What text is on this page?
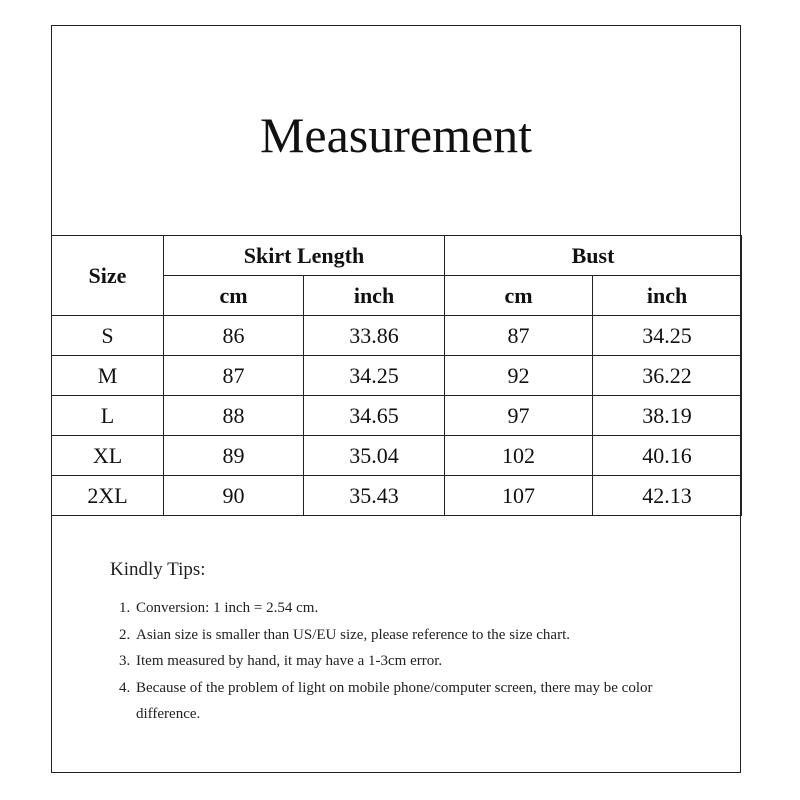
Measurement
Size	Skirt Length		Bust	
	cm	inch	cm	inch
S	86	33.86	87	34.25
M	87	34.25	92	36.22
L	88	34.65	97	38.19
XL	89	35.04	102	40.16
2XL	90	35.43	107	42.13
Kindly Tips:
1. Conversion: 1 inch = 2.54 cm.
2. Asian size is smaller than US/EU size, please reference to the size chart.
3. Item measured by hand, it may have a 1-3cm error.
4. Because of the problem of light on mobile phone/computer screen, there may be color difference.
